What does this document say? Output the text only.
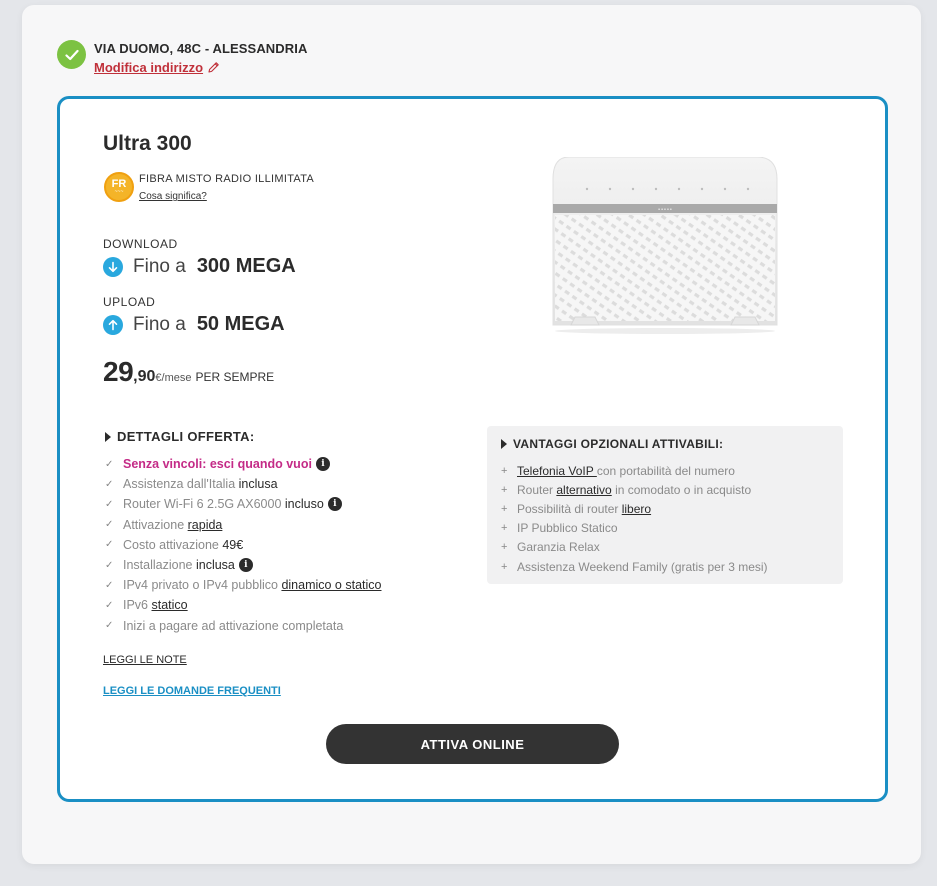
VIA DUOMO, 48C - ALESSANDRIA
Modifica indirizzo
Ultra 300
FR
~~~
FIBRA MISTO RADIO ILLIMITATA
Cosa significa?
DOWNLOAD
Fino a 300 MEGA
UPLOAD
Fino a 50 MEGA
29 ,90 €/mese PER SEMPRE
•••••
DETTAGLI OFFERTA:
✓ Senza vincoli: esci quando vuoi	i
✓ Assistenza dall'Italia inclusa
✓ Router Wi-Fi 6 2.5G AX6000 incluso	i
✓ Attivazione rapida
✓ Costo attivazione 49€
✓ Installazione inclusa	i
✓ IPv4 privato o IPv4 pubblico dinamico o statico
✓ IPv6 statico
✓ Inizi a pagare ad attivazione completata
VANTAGGI OPZIONALI ATTIVABILI:
+ Telefonia VoIP con portabilità del numero
+ Router alternativo in comodato o in acquisto
+ Possibilità di router libero
+ IP Pubblico Statico
+ Garanzia Relax
+ Assistenza Weekend Family (gratis per 3 mesi)
LEGGI LE NOTE
LEGGI LE DOMANDE FREQUENTI
ATTIVA ONLINE
